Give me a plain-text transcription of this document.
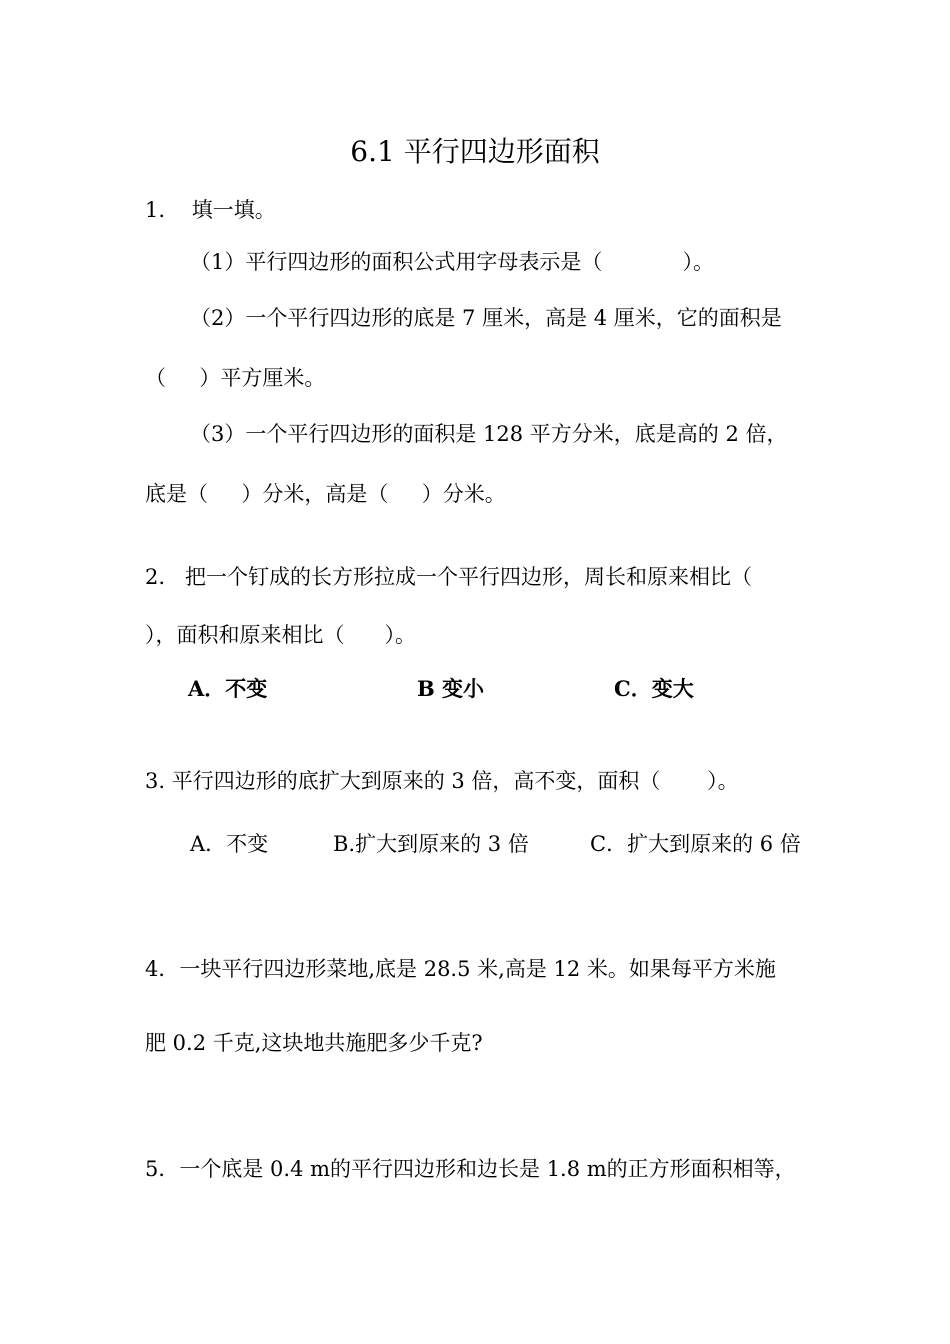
6.1 平行四边形面积
1.    填一填。
（1）平行四边形的面积公式用字母表示是（            ）。
（2）一个平行四边形的底是 7 厘米，高是 4 厘米，它的面积是
（     ）平方厘米。
（3）一个平行四边形的面积是 128 平方分米，底是高的 2 倍，
底是（     ）分米，高是（     ）分米。
2.   把一个钉成的长方形拉成一个平行四边形，周长和原来相比（
），面积和原来相比（      ）。
A．不变	B 变小	C．变大
3. 平行四边形的底扩大到原来的 3 倍，高不变，面积（       ）。
A．不变	B.扩大到原来的 3 倍	C．扩大到原来的 6 倍
4．一块平行四边形菜地,底是 28.5 米,高是 12 米。如果每平方米施
肥 0.2 千克,这块地共施肥多少千克?
5．一个底是 0.4 m的平行四边形和边长是 1.8 m的正方形面积相等，
